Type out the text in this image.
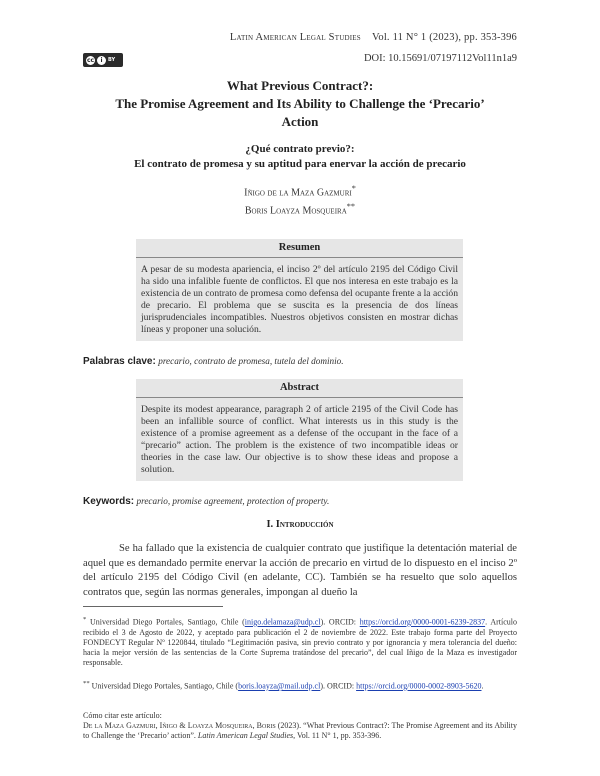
Latin American Legal Studies Vol. 11 N° 1 (2023), pp. 353-396
cc	i	BY	DOI: 10.15691/07197112Vol11n1a9
What Previous Contract?:
The Promise Agreement and Its Ability to Challenge the ‘Precario’
Action
¿Qué contrato previo?:
El contrato de promesa y su aptitud para enervar la acción de precario
Iñigo de la Maza Gazmuri*
Boris Loayza Mosqueira**
Resumen
A pesar de su modesta apariencia, el inciso 2º del artículo 2195 del Código Civil ha sido una infalible fuente de conflictos. El que nos interesa en este trabajo es la existencia de un contrato de promesa como defensa del ocupante frente a la acción de precario. El problema que se suscita es la presencia de dos líneas jurisprudenciales incompatibles. Nuestros objetivos consisten en mostrar dichas líneas y proponer una solución.
Palabras clave: precario, contrato de promesa, tutela del dominio.
Abstract
Despite its modest appearance, paragraph 2 of article 2195 of the Civil Code has been an infallible source of conflict. What interests us in this study is the existence of a promise agreement as a defense of the occupant in the face of a “precario” action. The problem is the existence of two incompatible ideas or theories in the case law. Our objective is to show these ideas and propose a solution.
Keywords: precario, promise agreement, protection of property.
I. Introducción
Se ha fallado que la existencia de cualquier contrato que justifique la detentación material de aquel que es demandado permite enervar la acción de precario en virtud de lo dispuesto en el inciso 2º del artículo 2195 del Código Civil (en adelante, CC). También se ha resuelto que solo aquellos contratos que, según las normas generales, impongan al dueño la
* Universidad Diego Portales, Santiago, Chile (inigo.delamaza@udp.cl). ORCID: https://orcid.org/0000-0001-6239-2837. Artículo recibido el 3 de Agosto de 2022, y aceptado para publicación el 2 de noviembre de 2022. Este trabajo forma parte del Proyecto FONDECYT Regular Nº 1220844, titulado “Legitimación pasiva, sin previo contrato y por ignorancia y mera tolerancia del dueño: hacia la mejor versión de las sentencias de la Corte Suprema tratándose del precario”, del cual Iñigo de la Maza es investigador responsable.
** Universidad Diego Portales, Santiago, Chile (boris.loayza@mail.udp.cl). ORCID: https://orcid.org/0000-0002-8903-5620.
Cómo citar este artículo:
De la Maza Gazmuri, Iñigo & Loayza Mosqueira, Boris (2023). “What Previous Contract?: The Promise Agreement and its Ability to Challenge the ‘Precario’ action”. Latin American Legal Studies, Vol. 11 N° 1, pp. 353-396.
